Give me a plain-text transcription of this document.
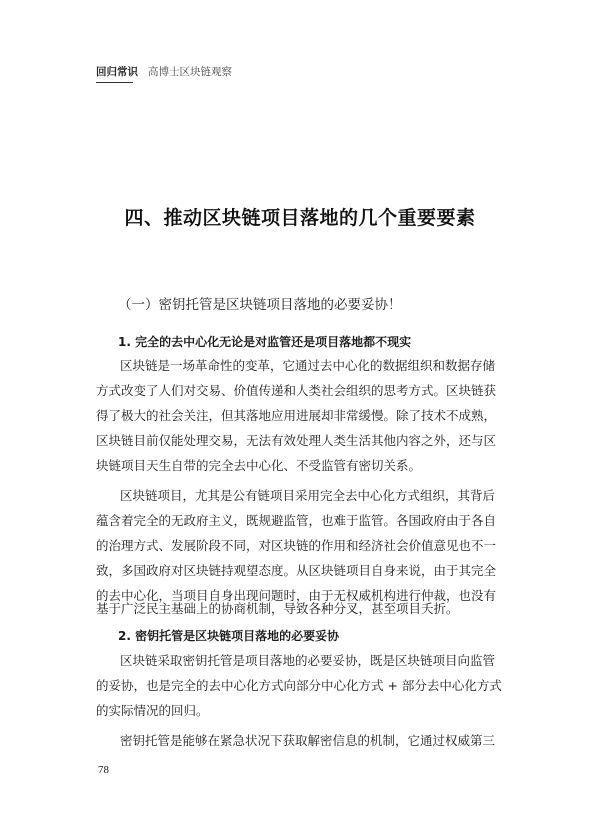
回归常识 高博士区块链观察
四、推动区块链项目落地的几个重要要素
（一）密钥托管是区块链项目落地的必要妥协！
1. 完全的去中心化无论是对监管还是项目落地都不现实
区块链是一场革命性的变革，它通过去中心化的数据组织和数据存储
方式改变了人们对交易、价值传递和人类社会组织的思考方式。区块链获
得了极大的社会关注，但其落地应用进展却非常缓慢。除了技术不成熟，
区块链目前仅能处理交易，无法有效处理人类生活其他内容之外，还与区
块链项目天生自带的完全去中心化、不受监管有密切关系。
区块链项目，尤其是公有链项目采用完全去中心化方式组织，其背后
蕴含着完全的无政府主义，既规避监管，也难于监管。各国政府由于各自
的治理方式、发展阶段不同，对区块链的作用和经济社会价值意见也不一
致，多国政府对区块链持观望态度。从区块链项目自身来说，由于其完全
的去中心化，当项目自身出现问题时，由于无权威机构进行仲裁，也没有
基于广泛民主基础上的协商机制，导致各种分叉，甚至项目夭折。
2. 密钥托管是区块链项目落地的必要妥协
区块链采取密钥托管是项目落地的必要妥协，既是区块链项目向监管
的妥协，也是完全的去中心化方式向部分中心化方式 + 部分去中心化方式
的实际情况的回归。
密钥托管是能够在紧急状况下获取解密信息的机制，它通过权威第三
78
